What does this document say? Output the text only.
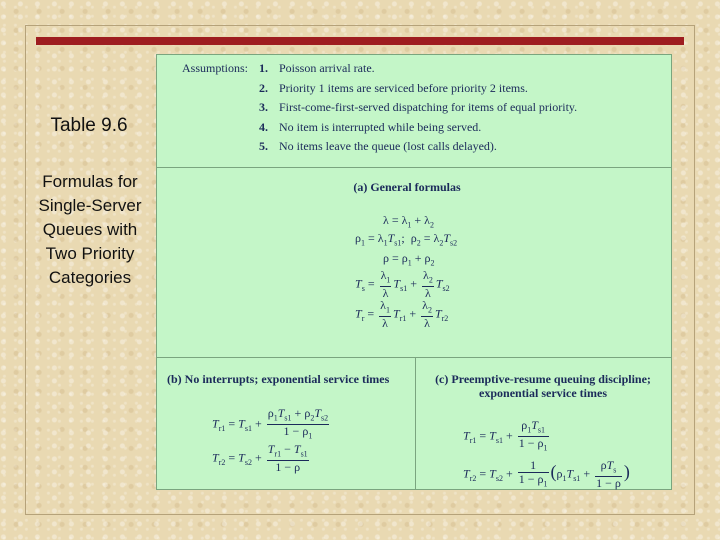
Table 9.6
Formulas for Single-Server Queues with Two Priority Categories
Assumptions: 1. Poisson arrival rate.
2. Priority 1 items are serviced before priority 2 items.
3. First-come-first-served dispatching for items of equal priority.
4. No item is interrupted while being served.
5. No items leave the queue (lost calls delayed).
(a) General formulas
$\lambda = \lambda_1 + \lambda_2$
$\rho_1 = \lambda_1T_{s1}$;  $\rho_2 = \lambda_2T_{s2}$
$\rho = \rho_1 + \rho_2$
$T_s = \frac{\lambda_1}{\lambda} T_{s1} + \frac{\lambda_2}{\lambda} T_{s2}$
$T_r = \frac{\lambda_1}{\lambda} T_{r1} + \frac{\lambda_2}{\lambda} T_{r2}$
(b) No interrupts; exponential service times
$T_{r1} = T_{s1} + \frac{\rho_1T_{s1} + \rho_2T_{s2}}{1 - \rho_1}$
$T_{r2} = T_{s2} + \frac{T_{r1} - T_{s1}}{1 - \rho}$
(c) Preemptive-resume queuing discipline; exponential service times
$T_{r1} = T_{s1} + \frac{\rho_1T_{s1}}{1 - \rho_1}$
$T_{r2} = T_{s2} + \frac{1}{1 - \rho_1} (\rho_1T_{s1} + \frac{\rho T_s}{1 - \rho}$ )
